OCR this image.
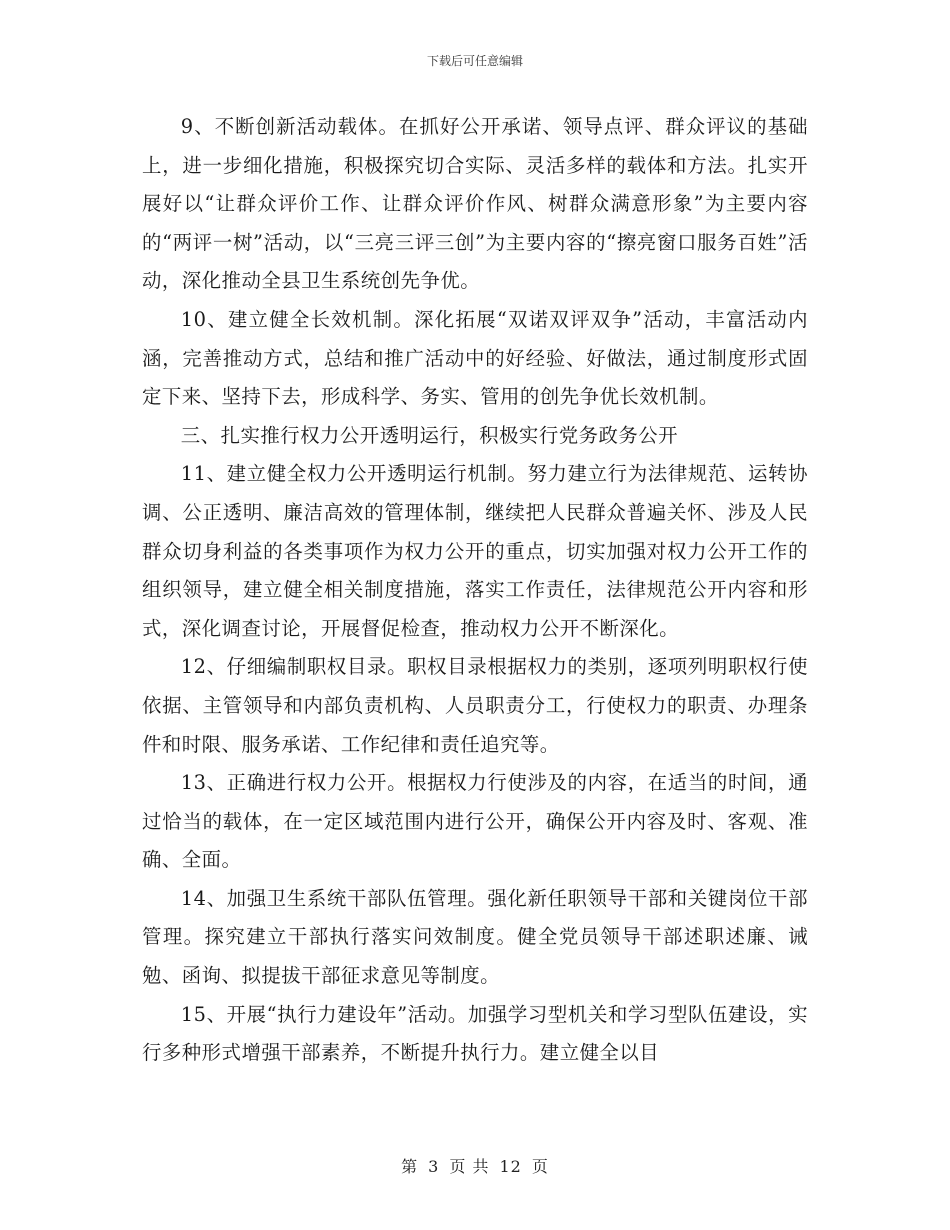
下载后可任意编辑

9、不断创新活动载体。在抓好公开承诺、领导点评、群众评议的基础上，进一步细化措施，积极探究切合实际、灵活多样的载体和方法。扎实开展好以“让群众评价工作、让群众评价作风、树群众满意形象”为主要内容的“两评一树”活动，以“三亮三评三创”为主要内容的“擦亮窗口服务百姓”活动，深化推动全县卫生系统创先争优。

10、建立健全长效机制。深化拓展“双诺双评双争”活动，丰富活动内涵，完善推动方式，总结和推广活动中的好经验、好做法，通过制度形式固定下来、坚持下去，形成科学、务实、管用的创先争优长效机制。

三、扎实推行权力公开透明运行，积极实行党务政务公开

11、建立健全权力公开透明运行机制。努力建立行为法律规范、运转协调、公正透明、廉洁高效的管理体制，继续把人民群众普遍关怀、涉及人民群众切身利益的各类事项作为权力公开的重点，切实加强对权力公开工作的组织领导，建立健全相关制度措施，落实工作责任，法律规范公开内容和形式，深化调查讨论，开展督促检查，推动权力公开不断深化。

12、仔细编制职权目录。职权目录根据权力的类别，逐项列明职权行使依据、主管领导和内部负责机构、人员职责分工，行使权力的职责、办理条件和时限、服务承诺、工作纪律和责任追究等。

13、正确进行权力公开。根据权力行使涉及的内容，在适当的时间，通过恰当的载体，在一定区域范围内进行公开，确保公开内容及时、客观、准确、全面。

14、加强卫生系统干部队伍管理。强化新任职领导干部和关键岗位干部管理。探究建立干部执行落实问效制度。健全党员领导干部述职述廉、诫勉、函询、拟提拔干部征求意见等制度。

15、开展“执行力建设年”活动。加强学习型机关和学习型队伍建设，实行多种形式增强干部素养，不断提升执行力。建立健全以目

第 3 页 共 12 页
